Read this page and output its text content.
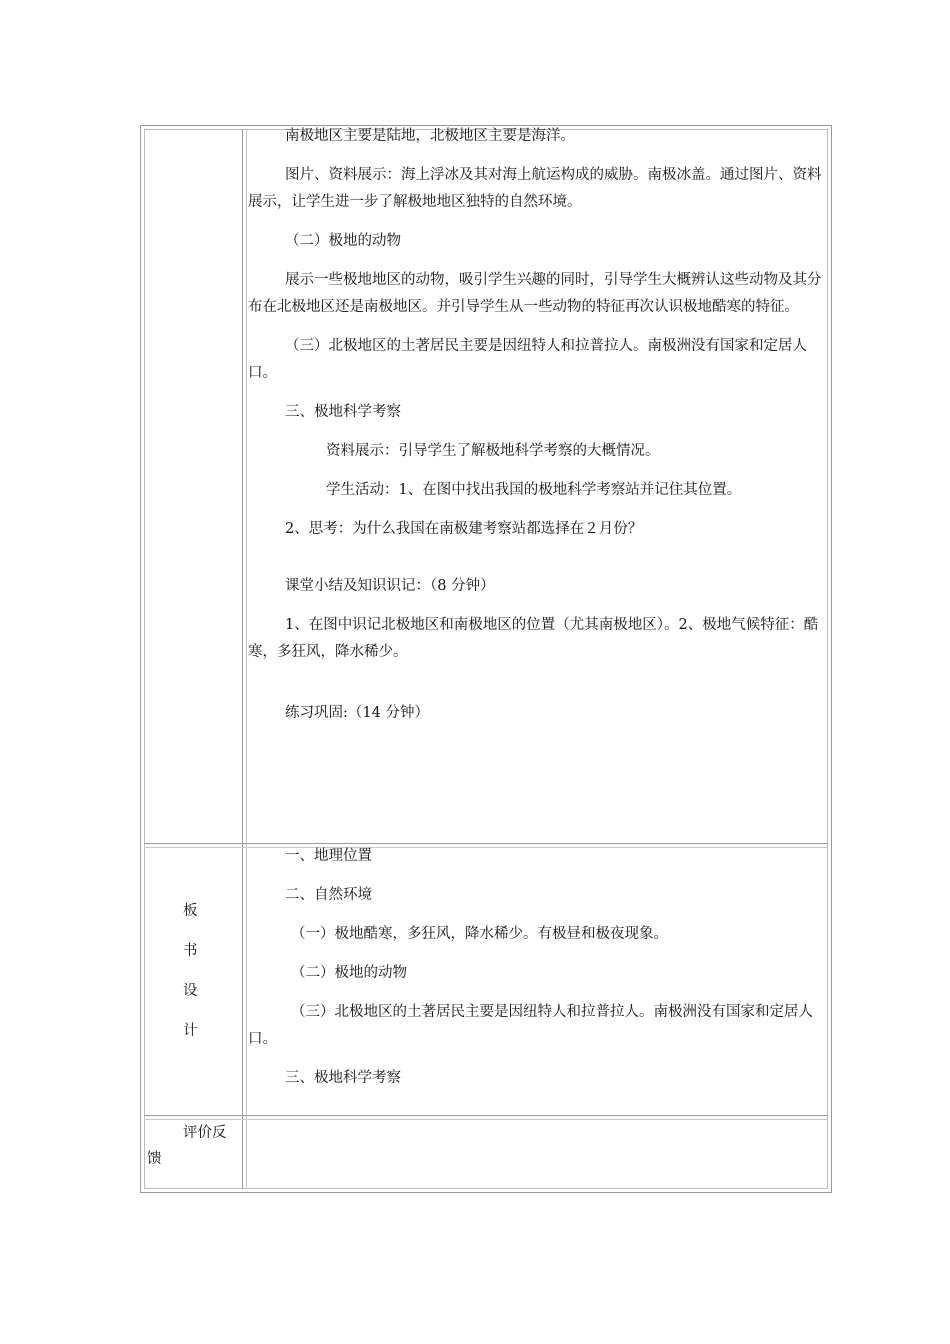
南极地区主要是陆地，北极地区主要是海洋。

图片、资料展示：海上浮冰及其对海上航运构成的威胁。南极冰盖。通过图片、资料展示，让学生进一步了解极地地区独特的自然环境。

（二）极地的动物

展示一些极地地区的动物，吸引学生兴趣的同时，引导学生大概辨认这些动物及其分布在北极地区还是南极地区。并引导学生从一些动物的特征再次认识极地酷寒的特征。

（三）北极地区的土著居民主要是因纽特人和拉普拉人。南极洲没有国家和定居人口。

三、极地科学考察

资料展示：引导学生了解极地科学考察的大概情况。

学生活动：1、在图中找出我国的极地科学考察站并记住其位置。

2、思考：为什么我国在南极建考察站都选择在２月份？

课堂小结及知识识记：（8 分钟）

1、在图中识记北极地区和南极地区的位置（尤其南极地区）。2、极地气候特征：酷寒，多狂风，降水稀少。

练习巩固:（14 分钟）

板
书
设
计

一、地理位置

二、自然环境

（一）极地酷寒，多狂风，降水稀少。有极昼和极夜现象。

（二）极地的动物

（三）北极地区的土著居民主要是因纽特人和拉普拉人。南极洲没有国家和定居人口。

三、极地科学考察

评价反
馈
